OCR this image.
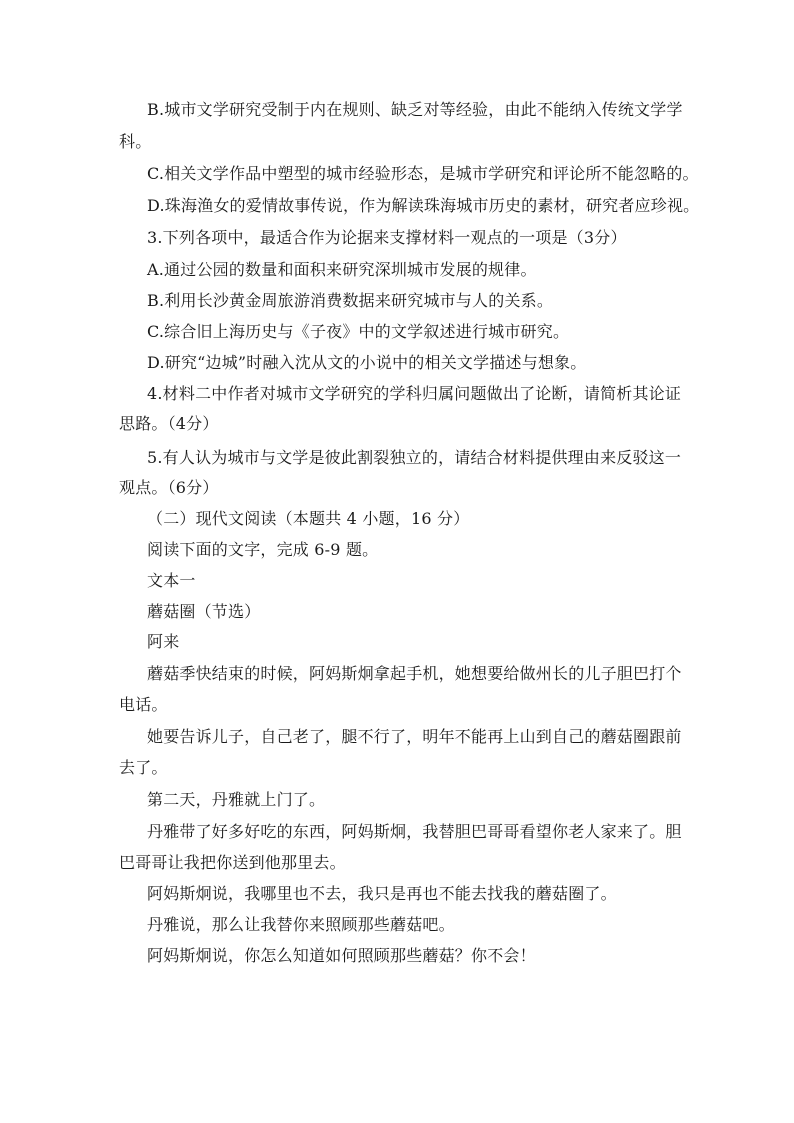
B.城市文学研究受制于内在规则、缺乏对等经验，由此不能纳入传统文学学
科。
C.相关文学作品中塑型的城市经验形态，是城市学研究和评论所不能忽略的。
D.珠海渔女的爱情故事传说，作为解读珠海城市历史的素材，研究者应珍视。
3.下列各项中，最适合作为论据来支撑材料一观点的一项是（3分）
A.通过公园的数量和面积来研究深圳城市发展的规律。
B.利用长沙黄金周旅游消费数据来研究城市与人的关系。
C.综合旧上海历史与《子夜》中的文学叙述进行城市研究。
D.研究“边城”时融入沈从文的小说中的相关文学描述与想象。
4.材料二中作者对城市文学研究的学科归属问题做出了论断，请简析其论证
思路。（4分）
5.有人认为城市与文学是彼此割裂独立的，请结合材料提供理由来反驳这一
观点。（6分）
（二）现代文阅读（本题共 4 小题，16 分）
阅读下面的文字，完成 6-9 题。
文本一
蘑菇圈（节选）
阿来
蘑菇季快结束的时候，阿妈斯炯拿起手机，她想要给做州长的儿子胆巴打个
电话。
她要告诉儿子，自己老了，腿不行了，明年不能再上山到自己的蘑菇圈跟前
去了。
第二天，丹雅就上门了。
丹雅带了好多好吃的东西，阿妈斯炯，我替胆巴哥哥看望你老人家来了。胆
巴哥哥让我把你送到他那里去。
阿妈斯炯说，我哪里也不去，我只是再也不能去找我的蘑菇圈了。
丹雅说，那么让我替你来照顾那些蘑菇吧。
阿妈斯炯说，你怎么知道如何照顾那些蘑菇？你不会！
